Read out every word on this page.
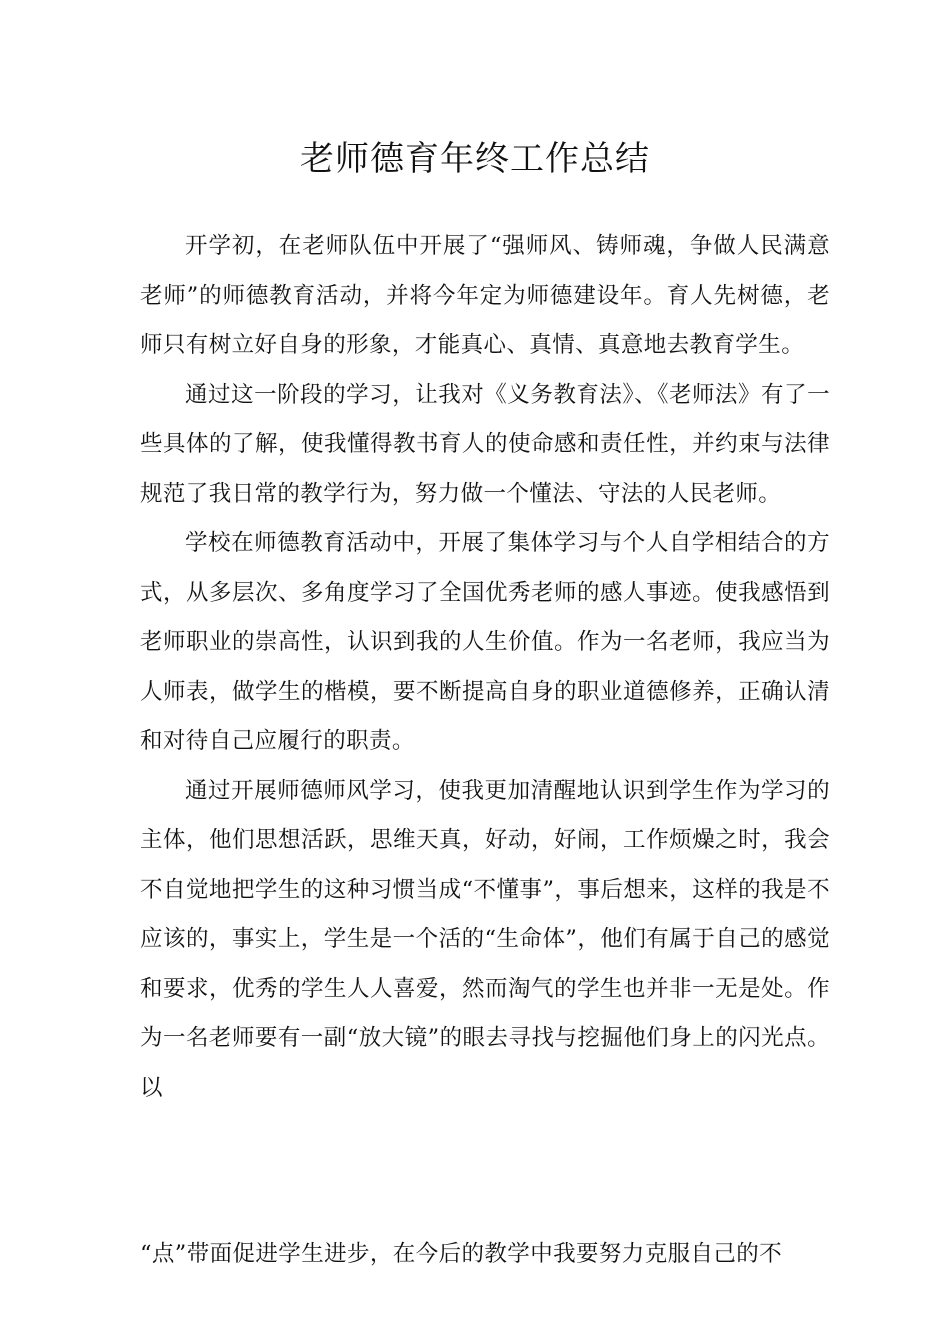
老师德育年终工作总结

开学初，在老师队伍中开展了“强师风、铸师魂，争做人民满意老师”的师德教育活动，并将今年定为师德建设年。育人先树德，老师只有树立好自身的形象，才能真心、真情、真意地去教育学生。

通过这一阶段的学习，让我对《义务教育法》、《老师法》有了一些具体的了解，使我懂得教书育人的使命感和责任性，并约束与法律规范了我日常的教学行为，努力做一个懂法、守法的人民老师。

学校在师德教育活动中，开展了集体学习与个人自学相结合的方式，从多层次、多角度学习了全国优秀老师的感人事迹。使我感悟到老师职业的崇高性，认识到我的人生价值。作为一名老师，我应当为人师表，做学生的楷模，要不断提高自身的职业道德修养，正确认清和对待自己应履行的职责。

通过开展师德师风学习，使我更加清醒地认识到学生作为学习的主体，他们思想活跃，思维天真，好动，好闹，工作烦燥之时，我会不自觉地把学生的这种习惯当成“不懂事”，事后想来，这样的我是不应该的，事实上，学生是一个活的“生命体”，他们有属于自己的感觉和要求，优秀的学生人人喜爱，然而淘气的学生也并非一无是处。作为一名老师要有一副“放大镜”的眼去寻找与挖掘他们身上的闪光点。以

“点”带面促进学生进步，在今后的教学中我要努力克服自己的不
